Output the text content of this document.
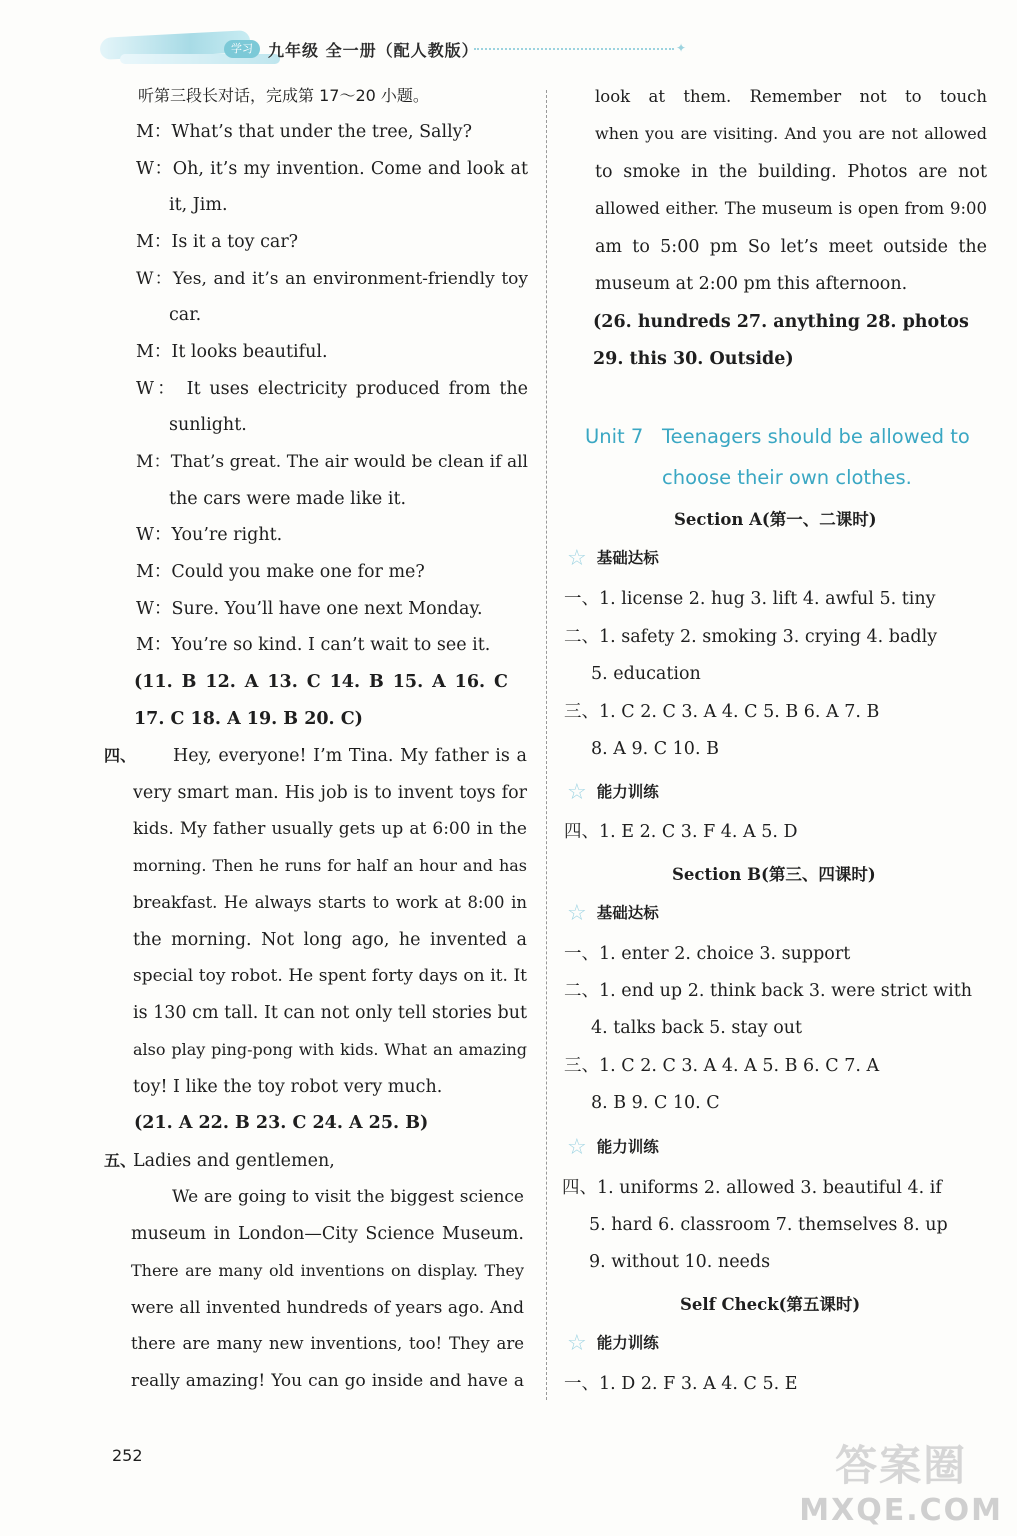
学习 九年级 全一册（配人教版）	✦
听第三段长对话，完成第 17～20 小题。
M：What’s that under the tree, Sally?
W：Oh, it’s my invention. Come and look at
it, Jim.
M：Is it a toy car?
W：Yes, and it’s an environment-friendly toy
car.
M：It looks beautiful.
W： It uses electricity produced from the
sunlight.
M：That’s great. The air would be clean if all
the cars were made like it.
W：You’re right.
M：Could you make one for me?
W：Sure. You’ll have one next Monday.
M：You’re so kind. I can’t wait to see it.
(11. B 12. A 13. C 14. B 15. A 16. C
17. C 18. A 19. B 20. C)
四、 Hey, everyone! I’m Tina. My father is a
very smart man. His job is to invent toys for
kids. My father usually gets up at 6:00 in the
morning. Then he runs for half an hour and has
breakfast. He always starts to work at 8:00 in
the morning. Not long ago, he invented a
special toy robot. He spent forty days on it. It
is 130 cm tall. It can not only tell stories but
also play ping-pong with kids. What an amazing
toy! I like the toy robot very much.
(21. A 22. B 23. C 24. A 25. B)
五、
Ladies and gentlemen,
We are going to visit the biggest science
museum in London—City Science Museum.
There are many old inventions on display. They
were all invented hundreds of years ago. And
there are many new inventions, too! They are
really amazing! You can go inside and have a
look at them. Remember not to touch
when you are visiting. And you are not allowed
to smoke in the building. Photos are not
allowed either. The museum is open from 9:00
am to 5:00 pm So let’s meet outside the
museum at 2:00 pm this afternoon.
(26. hundreds 27. anything 28. photos
29. this 30. Outside)
Unit 7 Teenagers should be allowed to
choose their own clothes.
Section A(第一、二课时)
☆ 基础达标
一、1. license 2. hug 3. lift 4. awful 5. tiny
二、1. safety 2. smoking 3. crying 4. badly
5. education
三、1. C 2. C 3. A 4. C 5. B 6. A 7. B
8. A 9. C 10. B
☆ 能力训练
四、1. E 2. C 3. F 4. A 5. D
Section B(第三、四课时)
☆ 基础达标
一、1. enter 2. choice 3. support
二、1. end up 2. think back 3. were strict with
4. talks back 5. stay out
三、1. C 2. C 3. A 4. A 5. B 6. C 7. A
8. B 9. C 10. C
☆ 能力训练
四、1. uniforms 2. allowed 3. beautiful 4. if
5. hard 6. classroom 7. themselves 8. up
9. without 10. needs
Self Check(第五课时)
☆ 能力训练
一、1. D 2. F 3. A 4. C 5. E
252	答案圈
MXQE.COM
